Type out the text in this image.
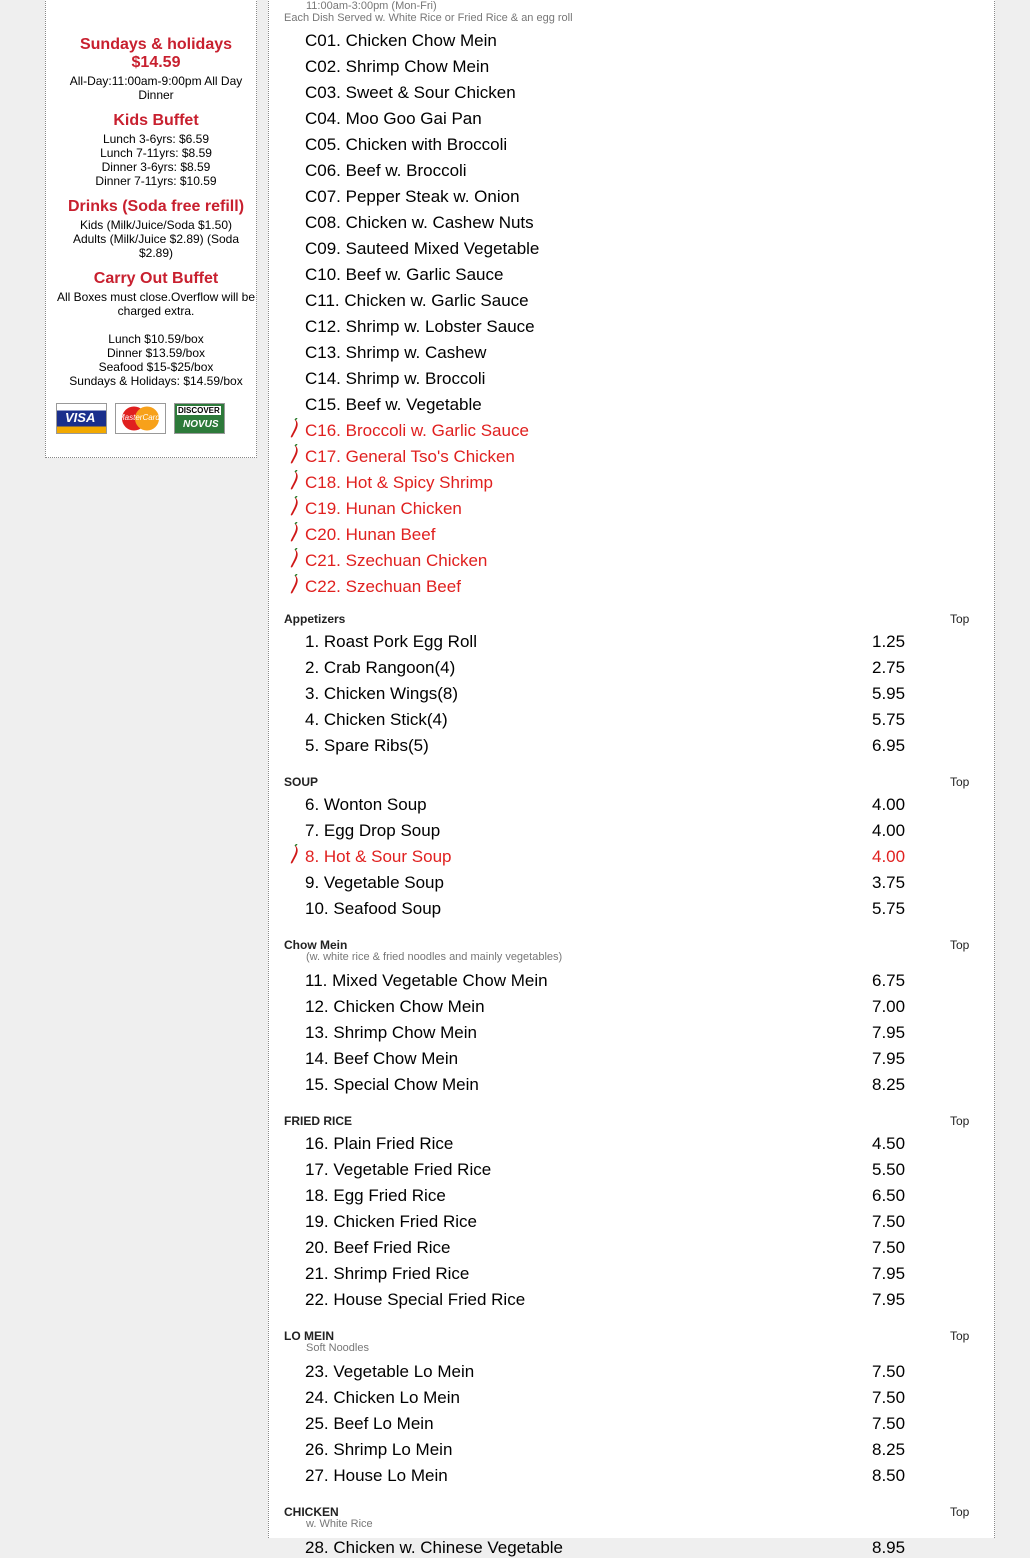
Sundays & holidays

$14.59

All-Day:11:00am-9:00pm All Day Dinner

Kids Buffet

Lunch 3-6yrs: $6.59

Lunch 7-11yrs: $8.59

Dinner 3-6yrs: $8.59

Dinner 7-11yrs: $10.59

Drinks (Soda free refill)

Kids (Milk/Juice/Soda $1.50)

Adults (Milk/Juice $2.89) (Soda $2.89)

Carry Out Buffet

All Boxes must close.Overflow will be charged extra.

Lunch $10.59/box

Dinner $13.59/box

Seafood $15-$25/box

Sundays & Holidays: $14.59/box

VISA	MasterCard
DISCOVER
NOVUS
11:00am-3:00pm (Mon-Fri)
Each Dish Served w. White Rice or Fried Rice & an egg roll
C01. Chicken Chow Mein
C02. Shrimp Chow Mein
C03. Sweet & Sour Chicken
C04. Moo Goo Gai Pan
C05. Chicken with Broccoli
C06. Beef w. Broccoli
C07. Pepper Steak w. Onion
C08. Chicken w. Cashew Nuts
C09. Sauteed Mixed Vegetable
C10. Beef w. Garlic Sauce
C11. Chicken w. Garlic Sauce
C12. Shrimp w. Lobster Sauce
C13. Shrimp w. Cashew
C14. Shrimp w. Broccoli
C15. Beef w. Vegetable
C16. Broccoli w. Garlic Sauce
C17. General Tso's Chicken
C18. Hot & Spicy Shrimp
C19. Hunan Chicken
C20. Hunan Beef
C21. Szechuan Chicken
C22. Szechuan Beef
Appetizers	Top
1. Roast Pork Egg Roll	1.25
2. Crab Rangoon(4)	2.75
3. Chicken Wings(8)	5.95
4. Chicken Stick(4)	5.75
5. Spare Ribs(5)	6.95
SOUP	Top
6. Wonton Soup	4.00
7. Egg Drop Soup	4.00
8. Hot & Sour Soup	4.00
9. Vegetable Soup	3.75
10. Seafood Soup	5.75
Chow Mein	Top
(w. white rice & fried noodles and mainly vegetables)
11. Mixed Vegetable Chow Mein	6.75
12. Chicken Chow Mein	7.00
13. Shrimp Chow Mein	7.95
14. Beef Chow Mein	7.95
15. Special Chow Mein	8.25
FRIED RICE	Top
16. Plain Fried Rice	4.50
17. Vegetable Fried Rice	5.50
18. Egg Fried Rice	6.50
19. Chicken Fried Rice	7.50
20. Beef Fried Rice	7.50
21. Shrimp Fried Rice	7.95
22. House Special Fried Rice	7.95
LO MEIN	Top
Soft Noodles
23. Vegetable Lo Mein	7.50
24. Chicken Lo Mein	7.50
25. Beef Lo Mein	7.50
26. Shrimp Lo Mein	8.25
27. House Lo Mein	8.50
CHICKEN	Top
w. White Rice
28. Chicken w. Chinese Vegetable	8.95
